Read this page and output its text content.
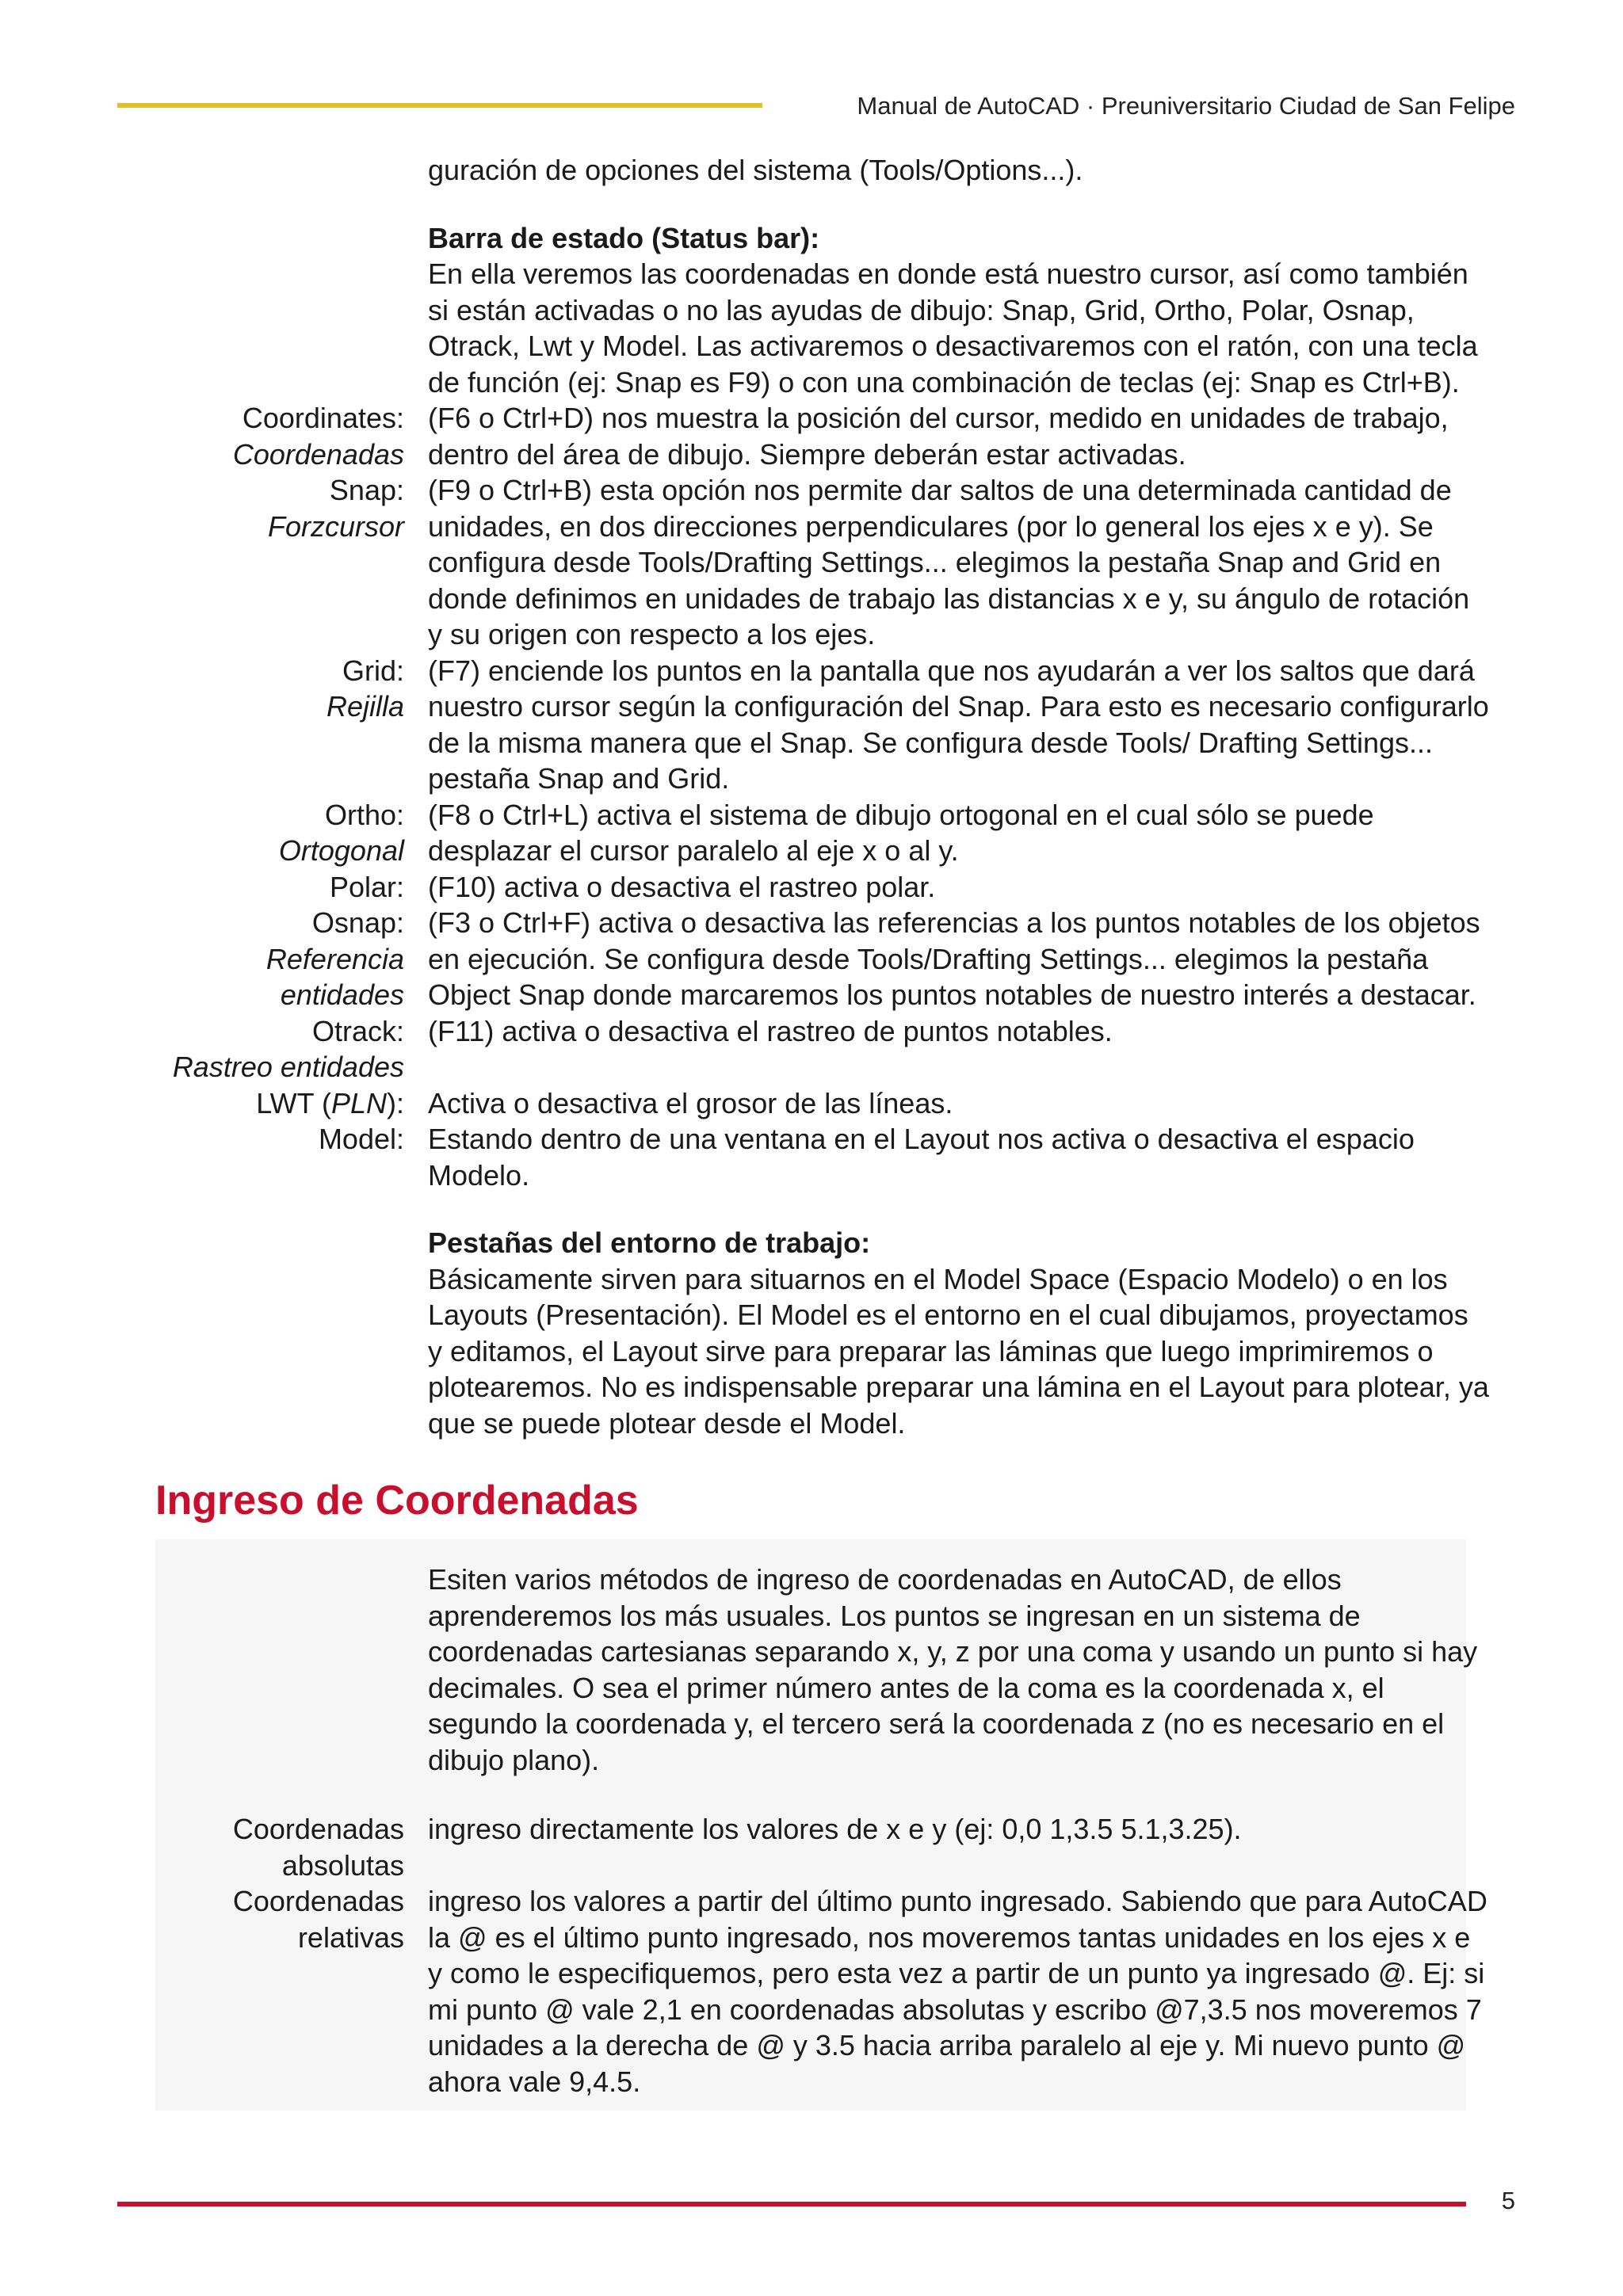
Manual de AutoCAD · Preuniversitario Ciudad de San Felipe
guración de opciones del sistema (Tools/Options...).
Barra de estado (Status bar):

En ella veremos las coordenadas en donde está nuestro cursor, así como también si están activadas o no las ayudas de dibujo: Snap, Grid, Ortho, Polar, Osnap, Otrack, Lwt y Model. Las activaremos o desactivaremos con el ratón, con una tecla de función (ej: Snap es F9) o con una combinación de teclas (ej: Snap es Ctrl+B).

Coordinates:
Coordenadas
(F6 o Ctrl+D) nos muestra la posición del cursor, medido en unidades de trabajo, dentro del área de dibujo. Siempre deberán estar activadas.
Snap:
Forzcursor
(F9 o Ctrl+B) esta opción nos permite dar saltos de una determinada cantidad de unidades, en dos direcciones perpendiculares (por lo general los ejes x e y). Se configura desde Tools/Drafting Settings... elegimos la pestaña Snap and Grid en donde definimos en unidades de trabajo las distancias x e y, su ángulo de rotación y su origen con respecto a los ejes.
Grid:
Rejilla
(F7) enciende los puntos en la pantalla que nos ayudarán a ver los saltos que dará nuestro cursor según la configuración del Snap. Para esto es necesario configurarlo de la misma manera que el Snap. Se configura desde Tools/ Drafting Settings... pestaña Snap and Grid.
Ortho:
Ortogonal
(F8 o Ctrl+L) activa el sistema de dibujo ortogonal en el cual sólo se puede desplazar el cursor paralelo al eje x o al y.
Polar: (F10) activa o desactiva el rastreo polar.
Osnap:
Referencia entidades
(F3 o Ctrl+F) activa o desactiva las referencias a los puntos notables de los objetos en ejecución. Se configura desde Tools/Drafting Settings... elegimos la pestaña Object Snap donde marcaremos los puntos notables de nuestro interés a destacar.
Otrack:
Rastreo entidades
(F11) activa o desactiva el rastreo de puntos notables.
LWT (PLN): Activa o desactiva el grosor de las líneas.
Model: Estando dentro de una ventana en el Layout nos activa o desactiva el espacio Modelo.
Pestañas del entorno de trabajo:

Básicamente sirven para situarnos en el Model Space (Espacio Modelo) o en los Layouts (Presentación). El Model es el entorno en el cual dibujamos, proyectamos y editamos, el Layout sirve para preparar las láminas que luego imprimiremos o plotearemos. No es indispensable preparar una lámina en el Layout para plotear, ya que se puede plotear desde el Model.

Ingreso de Coordenadas
Esiten varios métodos de ingreso de coordenadas en AutoCAD, de ellos aprenderemos los más usuales. Los puntos se ingresan en un sistema de coordenadas cartesianas separando x, y, z por una coma y usando un punto si hay decimales. O sea el primer número antes de la coma es la coordenada x, el segundo la coordenada y, el tercero será la coordenada z (no es necesario en el dibujo plano).
Coordenadas
absolutas
ingreso directamente los valores de x e y (ej: 0,0 1,3.5 5.1,3.25).
Coordenadas
relativas
ingreso los valores a partir del último punto ingresado. Sabiendo que para AutoCAD la @ es el último punto ingresado, nos moveremos tantas unidades en los ejes x e y como le especifiquemos, pero esta vez a partir de un punto ya ingresado @. Ej: si mi punto @ vale 2,1 en coordenadas absolutas y escribo @7,3.5 nos moveremos 7 unidades a la derecha de @ y 3.5 hacia arriba paralelo al eje y. Mi nuevo punto @ ahora vale 9,4.5.
5
